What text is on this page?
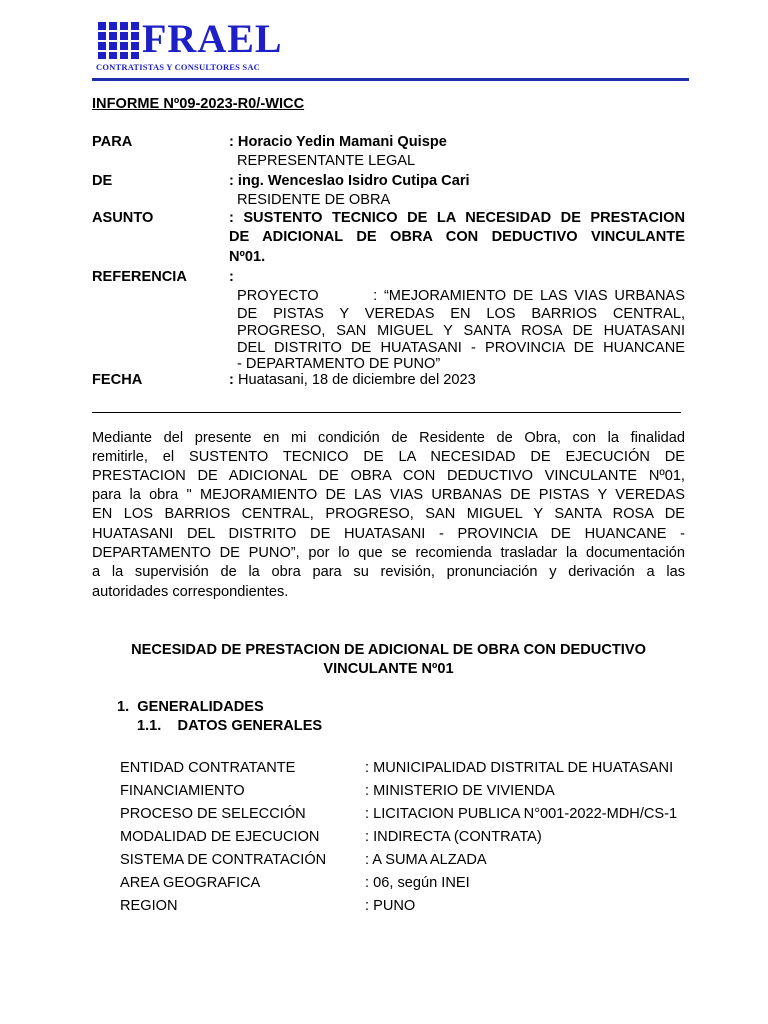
FRAEL
CONTRATISTAS Y CONSULTORES SAC
INFORME Nº09-2023-R0/-WICC
PARA	: Horacio Yedin Mamani Quispe
REPRESENTANTE LEGAL
DE	: ing. Wenceslao Isidro Cutipa Cari
RESIDENTE DE OBRA
ASUNTO	: SUSTENTO TECNICO DE LA NECESIDAD DE PRESTACION
DE ADICIONAL DE OBRA CON DEDUCTIVO VINCULANTE
Nº01.
REFERENCIA	:
PROYECTO        : “MEJORAMIENTO DE LAS VIAS URBANAS
DE PISTAS Y VEREDAS EN LOS BARRIOS CENTRAL,
PROGRESO, SAN MIGUEL Y SANTA ROSA DE HUATASANI
DEL DISTRITO DE HUATASANI - PROVINCIA DE HUANCANE
- DEPARTAMENTO DE PUNO”
FECHA	: Huatasani, 18 de diciembre del 2023
Mediante del presente en mi condición de Residente de Obra, con la finalidad
remitirle, el SUSTENTO TECNICO DE LA NECESIDAD DE EJECUCIÓN DE
PRESTACION DE ADICIONAL DE OBRA CON DEDUCTIVO VINCULANTE Nº01,
para la obra " MEJORAMIENTO DE LAS VIAS URBANAS DE PISTAS Y VEREDAS
EN LOS BARRIOS CENTRAL, PROGRESO, SAN MIGUEL Y SANTA ROSA DE
HUATASANI DEL DISTRITO DE HUATASANI - PROVINCIA DE HUANCANE -
DEPARTAMENTO DE PUNO”, por lo que se recomienda trasladar la documentación
a la supervisión de la obra para su revisión, pronunciación y derivación a las
autoridades correspondientes.
NECESIDAD DE PRESTACION DE ADICIONAL DE OBRA CON DEDUCTIVO
VINCULANTE Nº01
1.  GENERALIDADES
1.1.    DATOS GENERALES
ENTIDAD CONTRATANTE	: MUNICIPALIDAD DISTRITAL DE HUATASANI
FINANCIAMIENTO	: MINISTERIO DE VIVIENDA
PROCESO DE SELECCIÓN	: LICITACION PUBLICA N°001-2022-MDH/CS-1
MODALIDAD DE EJECUCION	: INDIRECTA (CONTRATA)
SISTEMA DE CONTRATACIÓN	: A SUMA ALZADA
AREA GEOGRAFICA	: 06, según INEI
REGION	: PUNO
